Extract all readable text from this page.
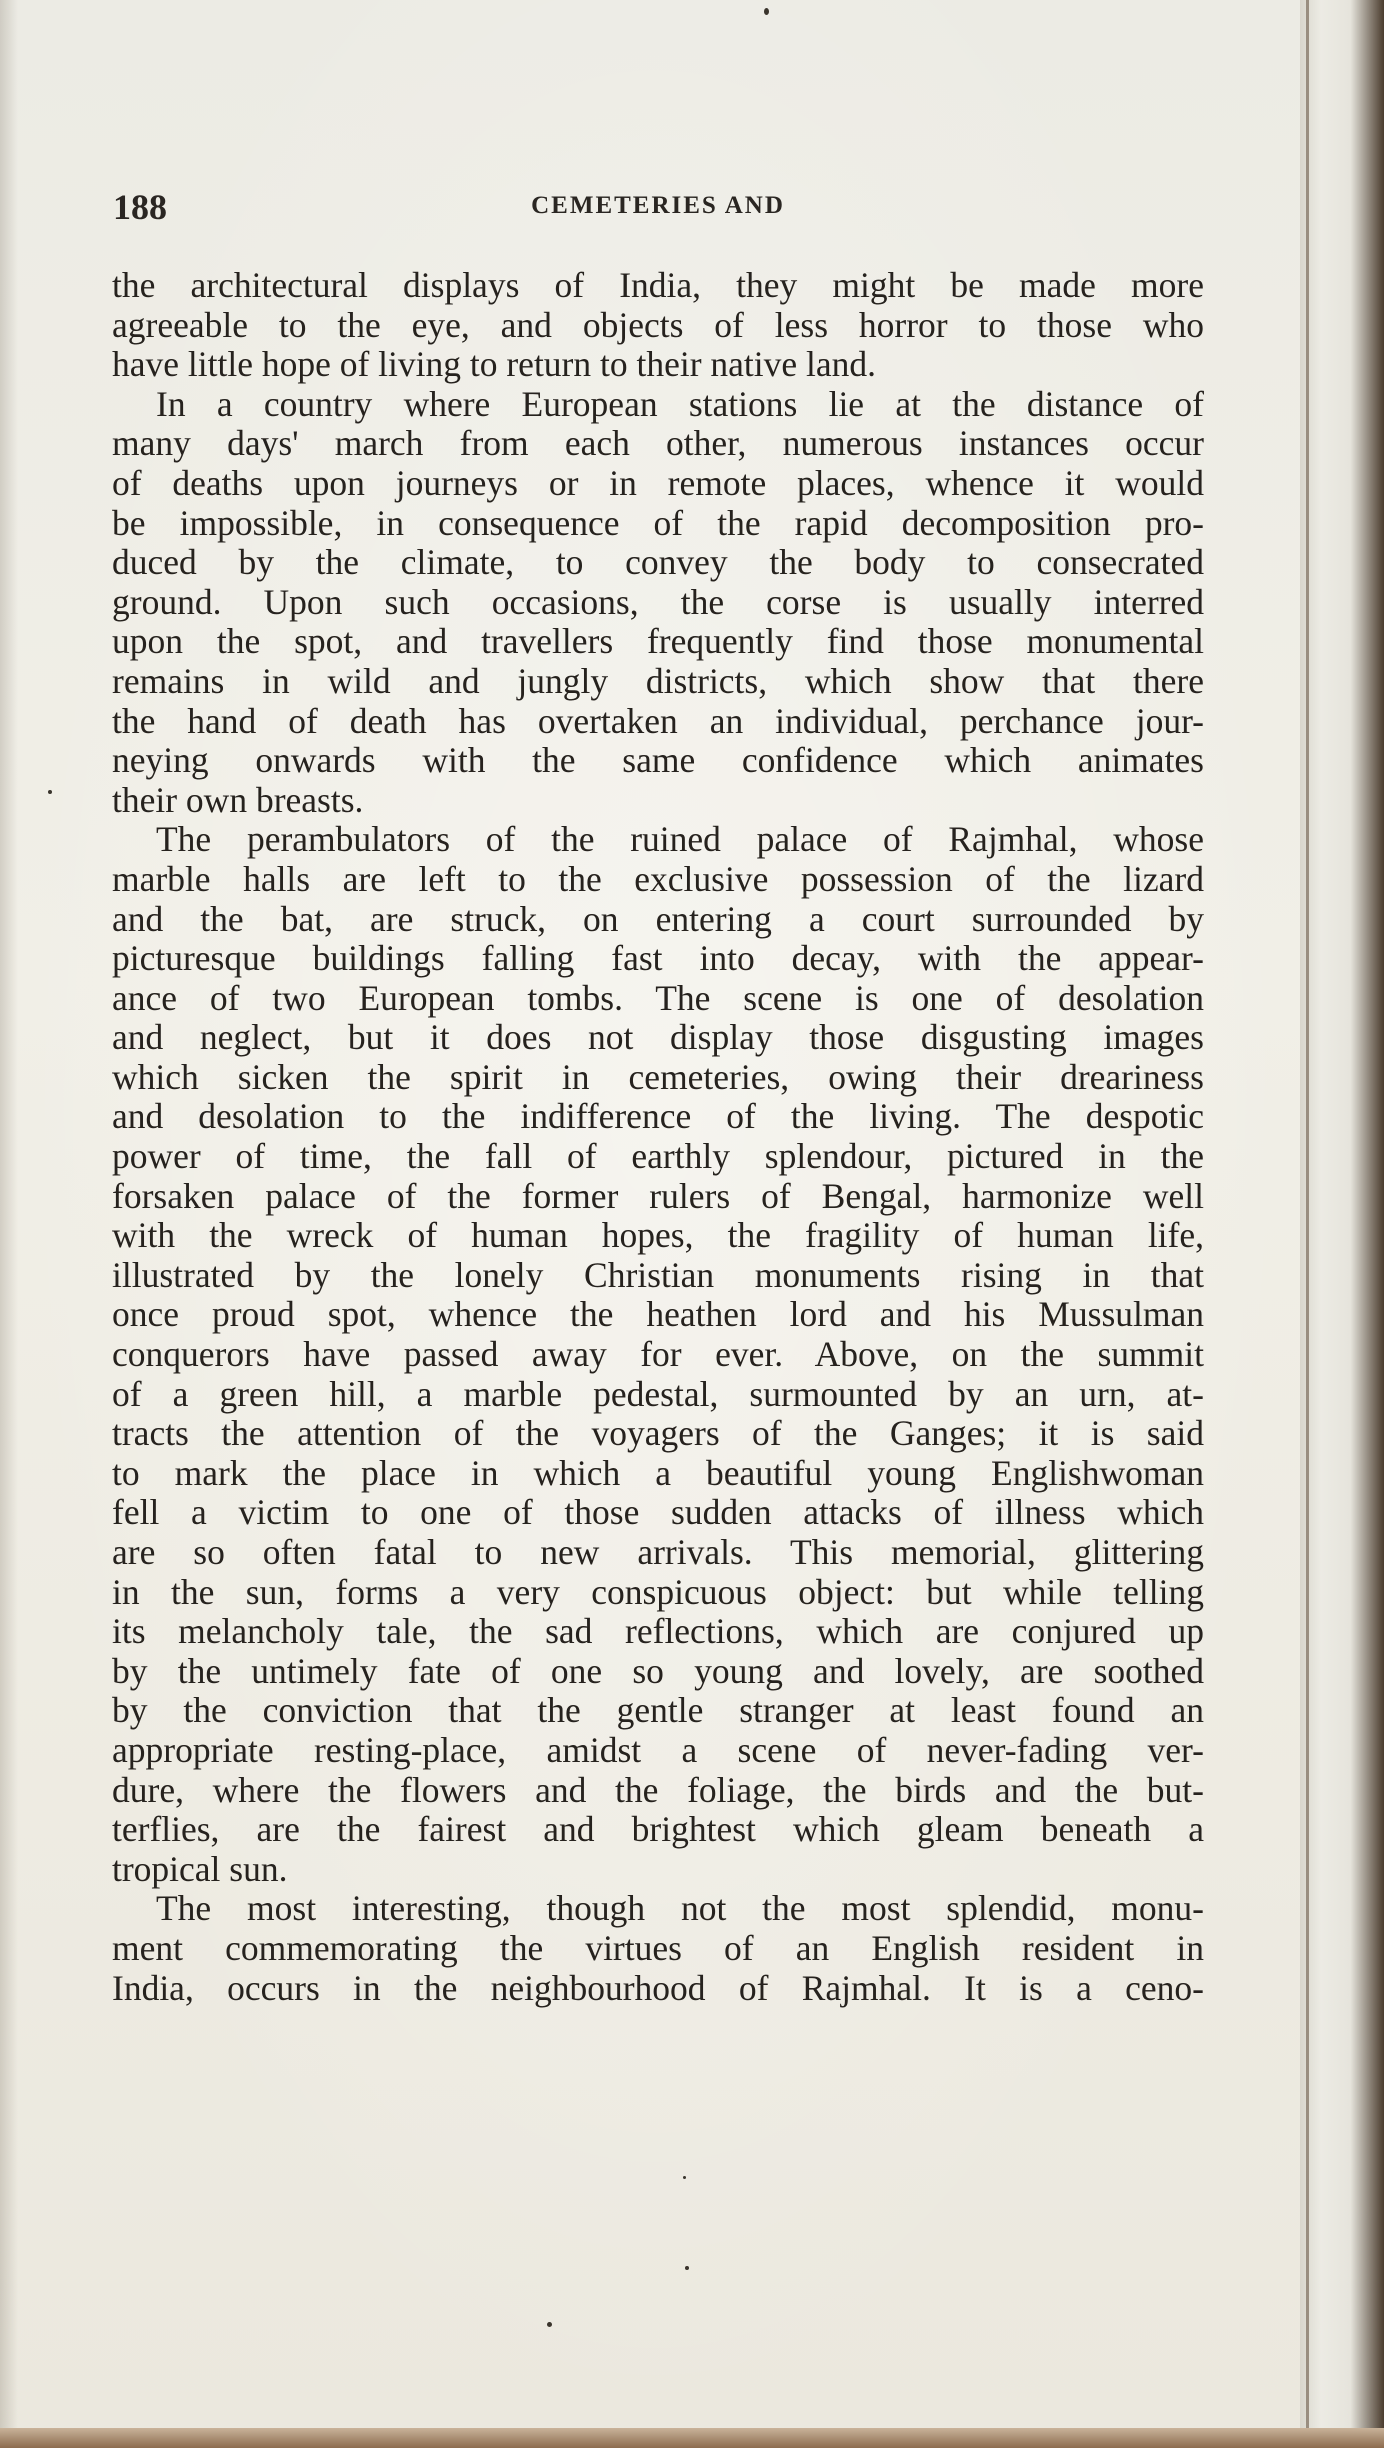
188	CEMETERIES AND
the architectural displays of India, they might be made more
agreeable to the eye, and objects of less horror to those who
have little hope of living to return to their native land.
In a country where European stations lie at the distance of
many days' march from each other, numerous instances occur
of deaths upon journeys or in remote places, whence it would
be impossible, in consequence of the rapid decomposition pro-
duced by the climate, to convey the body to consecrated
ground. Upon such occasions, the corse is usually interred
upon the spot, and travellers frequently find those monumental
remains in wild and jungly districts, which show that there
the hand of death has overtaken an individual, perchance jour-
neying onwards with the same confidence which animates
their own breasts.
The perambulators of the ruined palace of Rajmhal, whose
marble halls are left to the exclusive possession of the lizard
and the bat, are struck, on entering a court surrounded by
picturesque buildings falling fast into decay, with the appear-
ance of two European tombs. The scene is one of desolation
and neglect, but it does not display those disgusting images
which sicken the spirit in cemeteries, owing their dreariness
and desolation to the indifference of the living. The despotic
power of time, the fall of earthly splendour, pictured in the
forsaken palace of the former rulers of Bengal, harmonize well
with the wreck of human hopes, the fragility of human life,
illustrated by the lonely Christian monuments rising in that
once proud spot, whence the heathen lord and his Mussulman
conquerors have passed away for ever. Above, on the summit
of a green hill, a marble pedestal, surmounted by an urn, at-
tracts the attention of the voyagers of the Ganges; it is said
to mark the place in which a beautiful young Englishwoman
fell a victim to one of those sudden attacks of illness which
are so often fatal to new arrivals. This memorial, glittering
in the sun, forms a very conspicuous object: but while telling
its melancholy tale, the sad reflections, which are conjured up
by the untimely fate of one so young and lovely, are soothed
by the conviction that the gentle stranger at least found an
appropriate resting-place, amidst a scene of never-fading ver-
dure, where the flowers and the foliage, the birds and the but-
terflies, are the fairest and brightest which gleam beneath a
tropical sun.
The most interesting, though not the most splendid, monu-
ment commemorating the virtues of an English resident in
India, occurs in the neighbourhood of Rajmhal. It is a ceno-
